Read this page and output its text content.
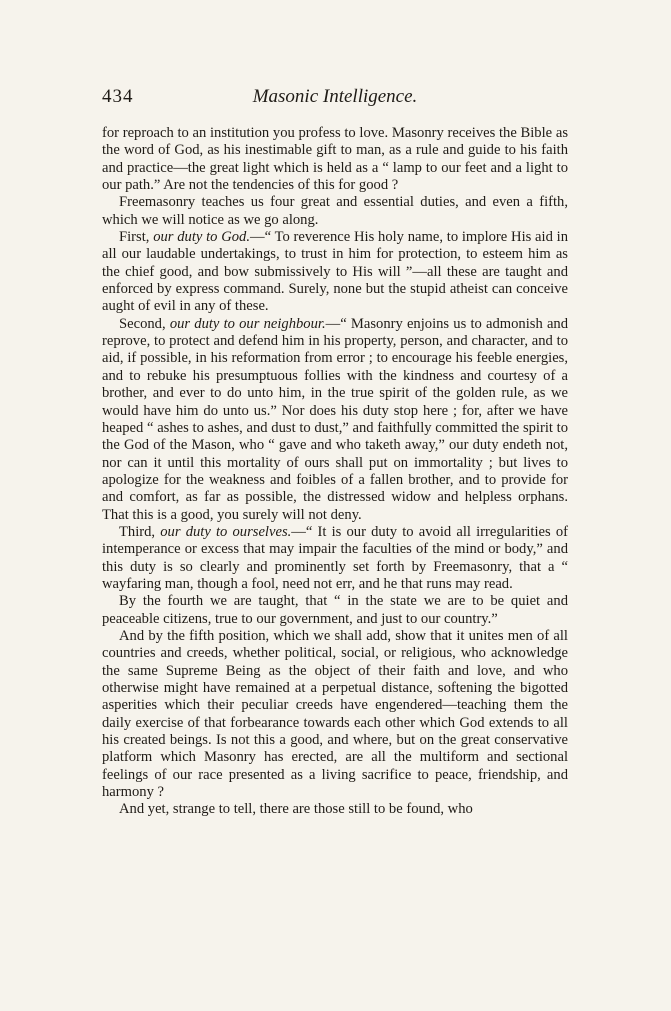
434	Masonic Intelligence.

for reproach to an institution you profess to love. Masonry receives the Bible as the word of God, as his inestimable gift to man, as a rule and guide to his faith and practice—the great light which is held as a “ lamp to our feet and a light to our path.” Are not the tendencies of this for good ?

Freemasonry teaches us four great and essential duties, and even a fifth, which we will notice as we go along.

First, our duty to God.—“ To reverence His holy name, to implore His aid in all our laudable undertakings, to trust in him for protection, to esteem him as the chief good, and bow submissively to His will ”—all these are taught and enforced by express command. Surely, none but the stupid atheist can conceive aught of evil in any of these.

Second, our duty to our neighbour.—“ Masonry enjoins us to admonish and reprove, to protect and defend him in his property, person, and character, and to aid, if possible, in his reformation from error ; to encourage his feeble energies, and to rebuke his presumptuous follies with the kindness and courtesy of a brother, and ever to do unto him, in the true spirit of the golden rule, as we would have him do unto us.” Nor does his duty stop here ; for, after we have heaped “ ashes to ashes, and dust to dust,” and faithfully committed the spirit to the God of the Mason, who “ gave and who taketh away,” our duty endeth not, nor can it until this mortality of ours shall put on immortality ; but lives to apologize for the weakness and foibles of a fallen brother, and to provide for and comfort, as far as possible, the distressed widow and helpless orphans. That this is a good, you surely will not deny.

Third, our duty to ourselves.—“ It is our duty to avoid all irregularities of intemperance or excess that may impair the faculties of the mind or body,” and this duty is so clearly and prominently set forth by Freemasonry, that a “ wayfaring man, though a fool, need not err, and he that runs may read.

By the fourth we are taught, that “ in the state we are to be quiet and peaceable citizens, true to our government, and just to our country.”

And by the fifth position, which we shall add, show that it unites men of all countries and creeds, whether political, social, or religious, who acknowledge the same Supreme Being as the object of their faith and love, and who otherwise might have remained at a perpetual distance, softening the bigotted asperities which their peculiar creeds have engendered—teaching them the daily exercise of that forbearance towards each other which God extends to all his created beings. Is not this a good, and where, but on the great conservative platform which Masonry has erected, are all the multiform and sectional feelings of our race presented as a living sacrifice to peace, friendship, and harmony ?

And yet, strange to tell, there are those still to be found, who
